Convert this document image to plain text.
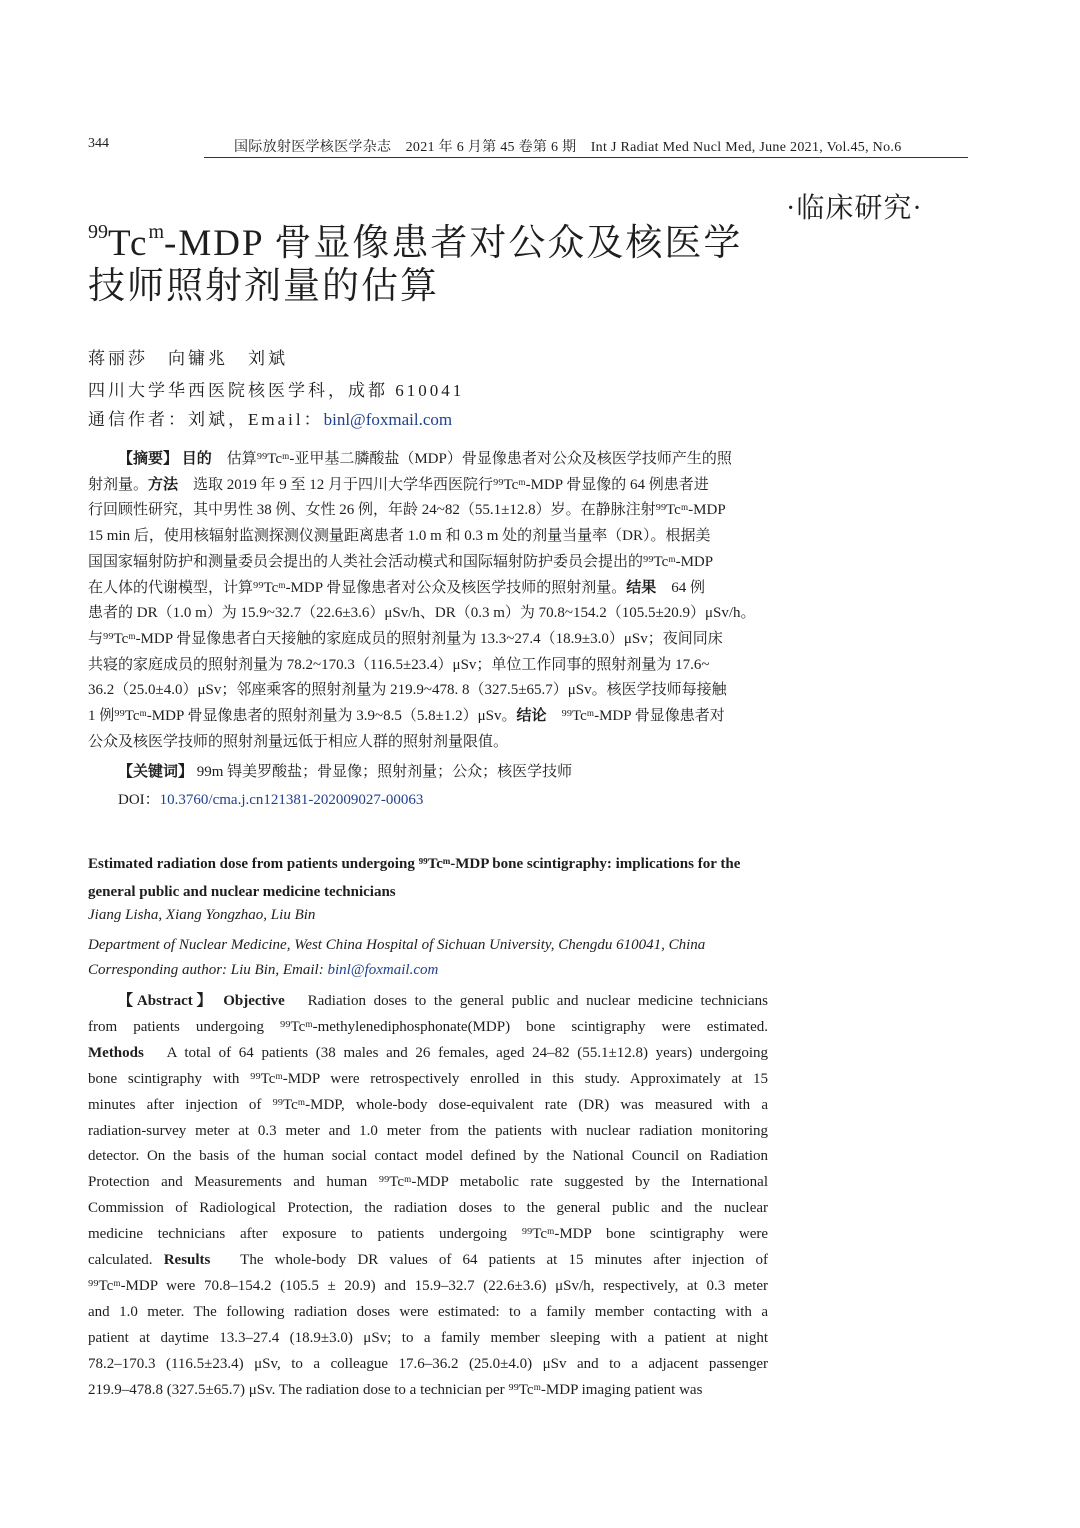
344	国际放射医学核医学杂志　2021 年 6 月第 45 卷第 6 期　Int J Radiat Med Nucl Med, June 2021, Vol.45, No.6
·临床研究·
$^{99}Tc^m$-MDP 骨显像患者对公众及核医学
技师照射剂量的估算
蒋丽莎　向镛兆　刘斌
四川大学华西医院核医学科，成都 610041
通信作者：刘斌，Email：binl@foxmail.com
【摘要】 目的　估算⁹⁹Tcᵐ-亚甲基二膦酸盐（MDP）骨显像患者对公众及核医学技师产生的照
射剂量。方法　选取 2019 年 9 至 12 月于四川大学华西医院行⁹⁹Tcᵐ-MDP 骨显像的 64 例患者进
行回顾性研究，其中男性 38 例、女性 26 例，年龄 24~82（55.1±12.8）岁。在静脉注射⁹⁹Tcᵐ-MDP
15 min 后，使用核辐射监测探测仪测量距离患者 1.0 m 和 0.3 m 处的剂量当量率（DR）。根据美
国国家辐射防护和测量委员会提出的人类社会活动模式和国际辐射防护委员会提出的⁹⁹Tcᵐ-MDP
在人体的代谢模型，计算⁹⁹Tcᵐ-MDP 骨显像患者对公众及核医学技师的照射剂量。结果　64 例
患者的 DR（1.0 m）为 15.9~32.7（22.6±3.6）μSv/h、DR（0.3 m）为 70.8~154.2（105.5±20.9）μSv/h。
与⁹⁹Tcᵐ-MDP 骨显像患者白天接触的家庭成员的照射剂量为 13.3~27.4（18.9±3.0）μSv；夜间同床
共寝的家庭成员的照射剂量为 78.2~170.3（116.5±23.4）μSv；单位工作同事的照射剂量为 17.6~
36.2（25.0±4.0）μSv；邻座乘客的照射剂量为 219.9~478. 8（327.5±65.7）μSv。核医学技师每接触
1 例⁹⁹Tcᵐ-MDP 骨显像患者的照射剂量为 3.9~8.5（5.8±1.2）μSv。结论　⁹⁹Tcᵐ-MDP 骨显像患者对
公众及核医学技师的照射剂量远低于相应人群的照射剂量限值。
【关键词】 99m 锝美罗酸盐；骨显像；照射剂量；公众；核医学技师
DOI：10.3760/cma.j.cn121381-202009027-00063
Estimated radiation dose from patients undergoing ⁹⁹Tcᵐ-MDP bone scintigraphy: implications for the general public and nuclear medicine technicians
Jiang Lisha, Xiang Yongzhao, Liu Bin
Department of Nuclear Medicine, West China Hospital of Sichuan University, Chengdu 610041, China
Corresponding author: Liu Bin, Email: binl@foxmail.com
【Abstract】 Objective　Radiation doses to the general public and nuclear medicine technicians
from patients undergoing ⁹⁹Tcᵐ-methylenediphosphonate(MDP) bone scintigraphy were estimated.
Methods　A total of 64 patients (38 males and 26 females, aged 24–82 (55.1±12.8) years) undergoing
bone scintigraphy with ⁹⁹Tcᵐ-MDP were retrospectively enrolled in this study. Approximately at 15
minutes after injection of ⁹⁹Tcᵐ-MDP, whole-body dose-equivalent rate (DR) was measured with a
radiation-survey meter at 0.3 meter and 1.0 meter from the patients with nuclear radiation monitoring
detector. On the basis of the human social contact model defined by the National Council on Radiation
Protection and Measurements and human ⁹⁹Tcᵐ-MDP metabolic rate suggested by the International
Commission of Radiological Protection, the radiation doses to the general public and the nuclear
medicine technicians after exposure to patients undergoing ⁹⁹Tcᵐ-MDP bone scintigraphy were
calculated. Results　The whole-body DR values of 64 patients at 15 minutes after injection of
⁹⁹Tcᵐ-MDP were 70.8–154.2 (105.5 ± 20.9) and 15.9–32.7 (22.6±3.6) μSv/h, respectively, at 0.3 meter
and 1.0 meter. The following radiation doses were estimated: to a family member contacting with a
patient at daytime 13.3–27.4 (18.9±3.0) μSv; to a family member sleeping with a patient at night
78.2–170.3 (116.5±23.4) μSv, to a colleague 17.6–36.2 (25.0±4.0) μSv and to a adjacent passenger
219.9–478.8 (327.5±65.7) μSv. The radiation dose to a technician per ⁹⁹Tcᵐ-MDP imaging patient was
